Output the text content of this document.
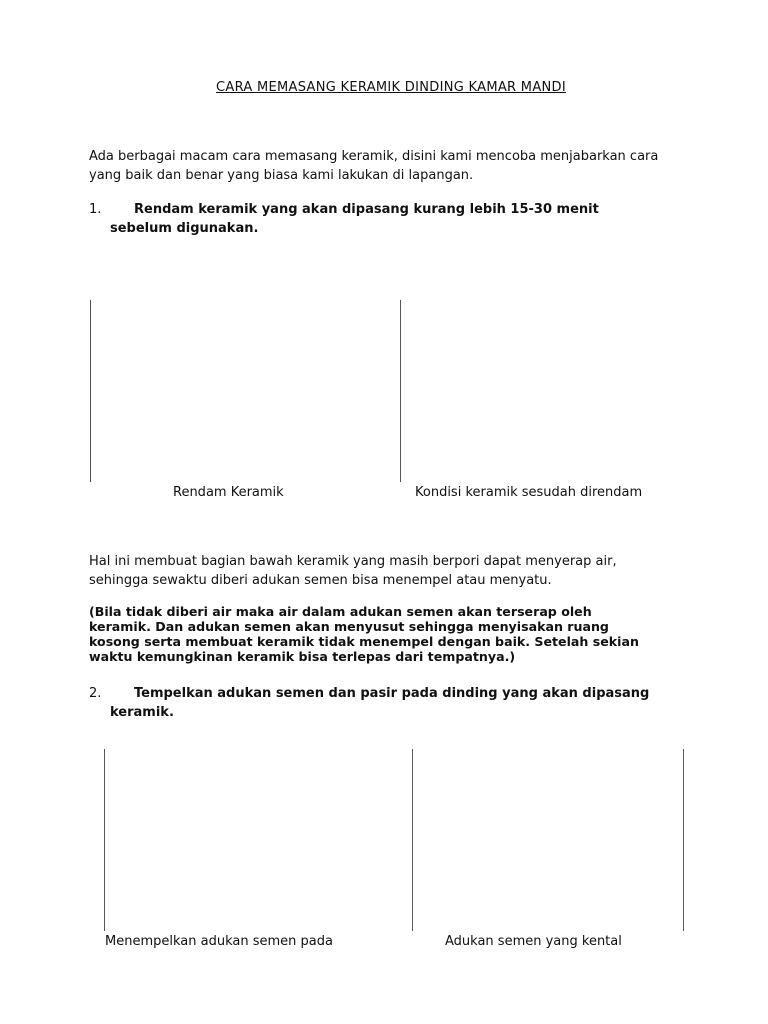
CARA MEMASANG KERAMIK DINDING KAMAR MANDI
Ada berbagai macam cara memasang keramik, disini kami mencoba menjabarkan cara
yang baik dan benar yang biasa kami lakukan di lapangan.
1.	Rendam keramik yang akan dipasang kurang lebih 15-30 menit
sebelum digunakan.
Rendam Keramik	Kondisi keramik sesudah direndam
Hal ini membuat bagian bawah keramik yang masih berpori dapat menyerap air,
sehingga sewaktu diberi adukan semen bisa menempel atau menyatu.
(Bila tidak diberi air maka air dalam adukan semen akan terserap oleh
keramik. Dan adukan semen akan menyusut sehingga menyisakan ruang
kosong serta membuat keramik tidak menempel dengan baik. Setelah sekian
waktu kemungkinan keramik bisa terlepas dari tempatnya.)
2.	Tempelkan adukan semen dan pasir pada dinding yang akan dipasang
keramik.
Menempelkan adukan semen pada	Adukan semen yang kental
